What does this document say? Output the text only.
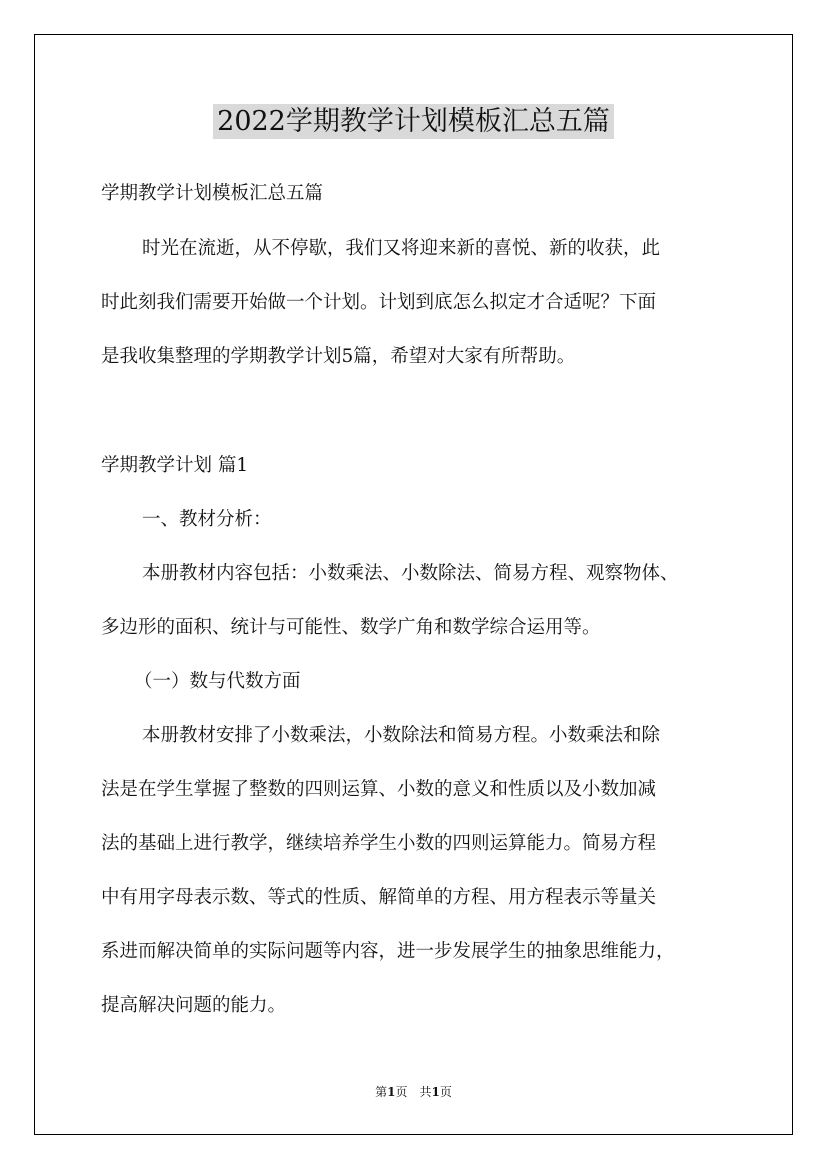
2022学期教学计划模板汇总五篇
学期教学计划模板汇总五篇
时光在流逝，从不停歇，我们又将迎来新的喜悦、新的收获，此
时此刻我们需要开始做一个计划。计划到底怎么拟定才合适呢？下面
是我收集整理的学期教学计划5篇，希望对大家有所帮助。
学期教学计划 篇1
一、教材分析：
本册教材内容包括：小数乘法、小数除法、简易方程、观察物体、
多边形的面积、统计与可能性、数学广角和数学综合运用等。
（一）数与代数方面
本册教材安排了小数乘法，小数除法和简易方程。小数乘法和除
法是在学生掌握了整数的四则运算、小数的意义和性质以及小数加减
法的基础上进行教学，继续培养学生小数的四则运算能力。简易方程
中有用字母表示数、等式的性质、解简单的方程、用方程表示等量关
系进而解决简单的实际问题等内容，进一步发展学生的抽象思维能力，
提高解决问题的能力。
第1页　共1页
